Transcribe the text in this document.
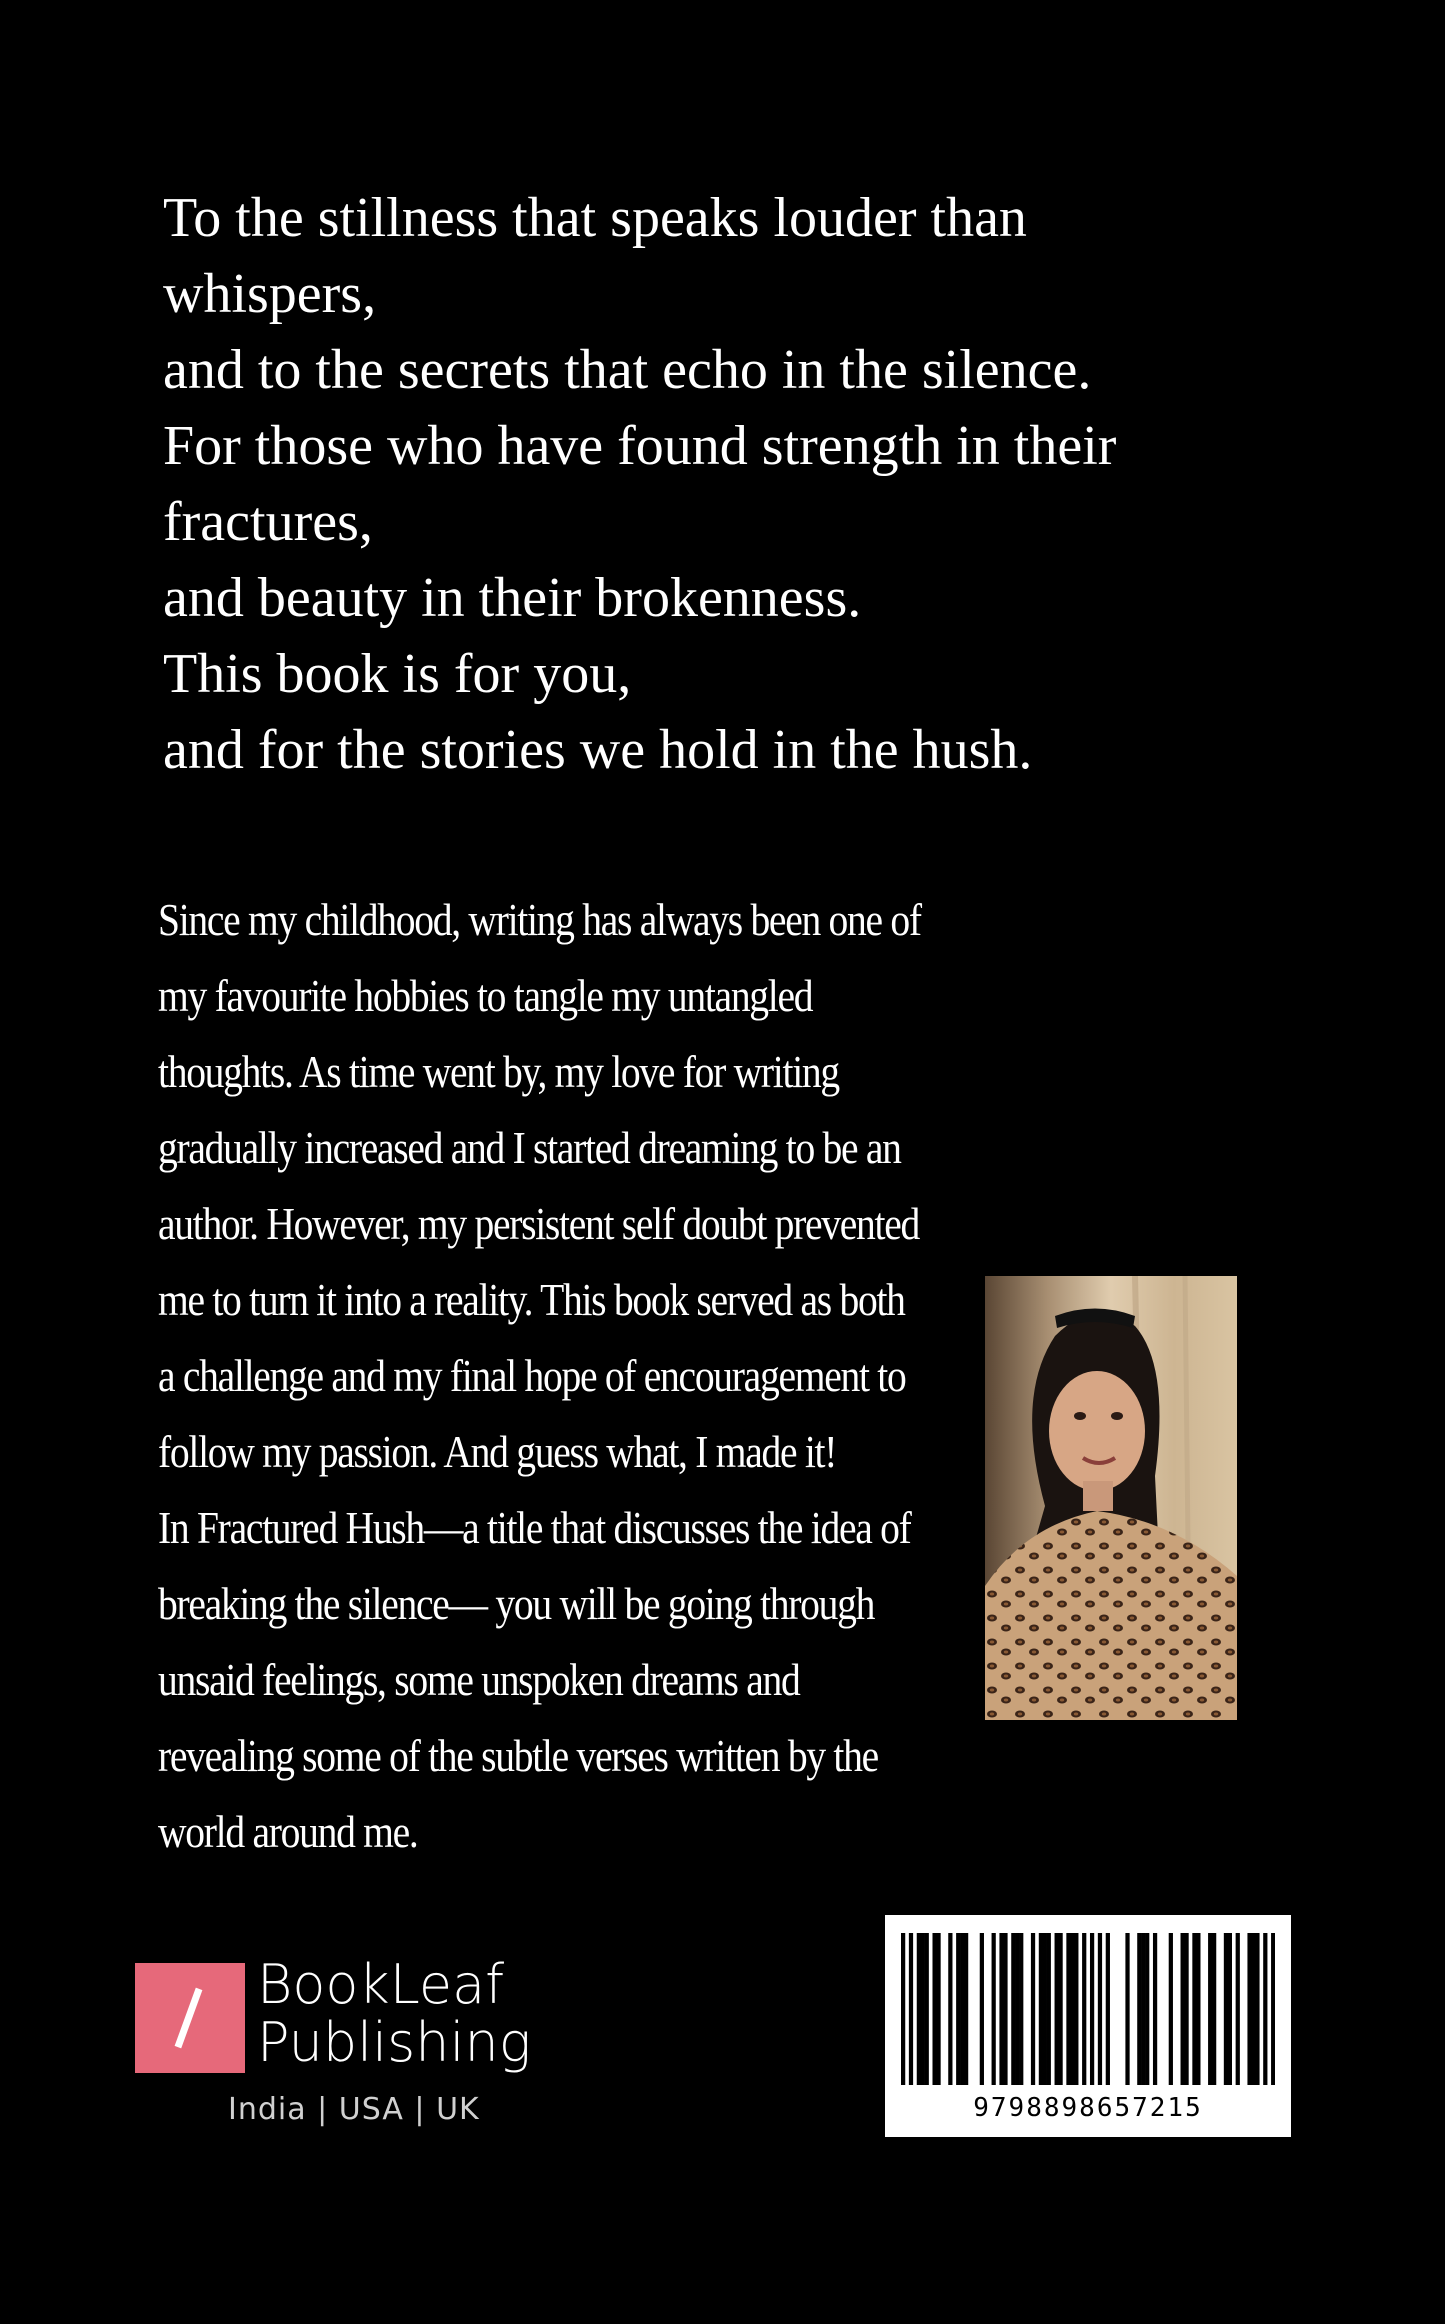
To the stillness that speaks louder than
whispers,
and to the secrets that echo in the silence.
For those who have found strength in their
fractures,
and beauty in their brokenness.
This book is for you,
and for the stories we hold in the hush.
Since my childhood, writing has always been one of
my favourite hobbies to tangle my untangled
thoughts. As time went by, my love for writing
gradually increased and I started dreaming to be an
author. However, my persistent self doubt prevented
me to turn it into a reality. This book served as both
a challenge and my final hope of encouragement to
follow my passion. And guess what, I made it!
In Fractured Hush—a title that discusses the idea of
breaking the silence— you will be going through
unsaid feelings, some unspoken dreams and
revealing some of the subtle verses written by the
world around me.
BookLeaf
Publishing
India | USA | UK	9798898657215
